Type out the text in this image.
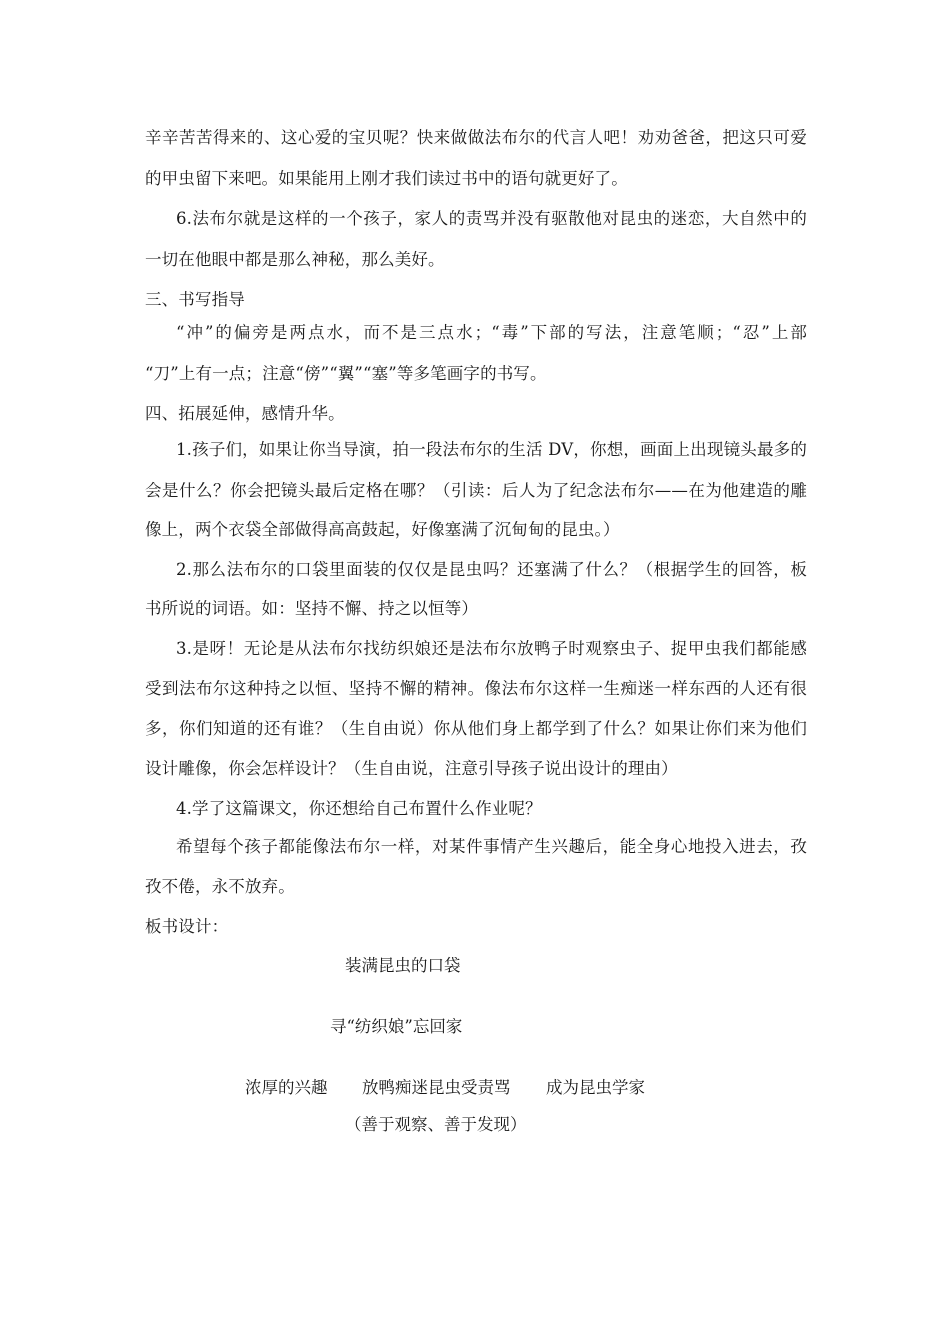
辛辛苦苦得来的、这心爱的宝贝呢？快来做做法布尔的代言人吧！劝劝爸爸，把这只可爱
的甲虫留下来吧。如果能用上刚才我们读过书中的语句就更好了。
6.法布尔就是这样的一个孩子，家人的责骂并没有驱散他对昆虫的迷恋，大自然中的
一切在他眼中都是那么神秘，那么美好。
三、书写指导
“冲”的偏旁是两点水，而不是三点水；“毒”下部的写法，注意笔顺；“忍”上部
“刀”上有一点；注意“傍”“翼”“塞”等多笔画字的书写。
四、拓展延伸，感情升华。
1.孩子们，如果让你当导演，拍一段法布尔的生活 DV，你想，画面上出现镜头最多的
会是什么？你会把镜头最后定格在哪？（引读：后人为了纪念法布尔——在为他建造的雕
像上，两个衣袋全部做得高高鼓起，好像塞满了沉甸甸的昆虫。）
2.那么法布尔的口袋里面装的仅仅是昆虫吗？还塞满了什么？（根据学生的回答，板
书所说的词语。如：坚持不懈、持之以恒等）
3.是呀！无论是从法布尔找纺织娘还是法布尔放鸭子时观察虫子、捉甲虫我们都能感
受到法布尔这种持之以恒、坚持不懈的精神。像法布尔这样一生痴迷一样东西的人还有很
多，你们知道的还有谁？（生自由说）你从他们身上都学到了什么？如果让你们来为他们
设计雕像，你会怎样设计？（生自由说，注意引导孩子说出设计的理由）
4.学了这篇课文，你还想给自己布置什么作业呢？
希望每个孩子都能像法布尔一样，对某件事情产生兴趣后，能全身心地投入进去，孜
孜不倦，永不放弃。
板书设计：
装满昆虫的口袋
寻“纺织娘”忘回家
浓厚的兴趣 放鸭痴迷昆虫受责骂 成为昆虫学家
（善于观察、善于发现）
